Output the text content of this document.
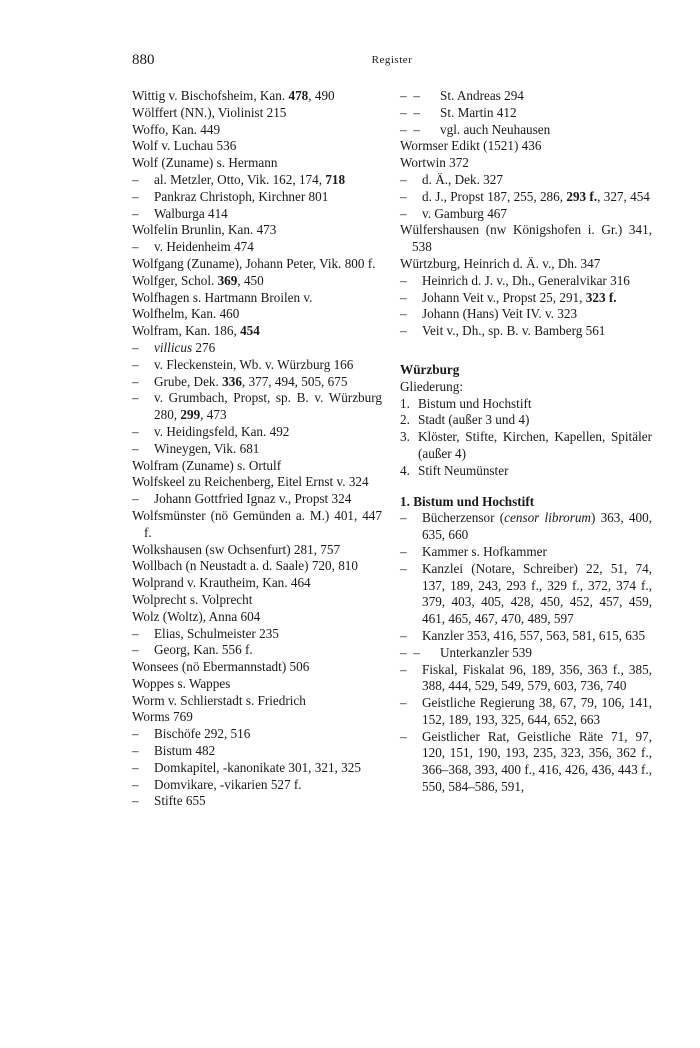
880	Register
Wittig v. Bischofsheim, Kan. 478, 490
Wölffert (NN.), Violinist 215
Woffo, Kan. 449
Wolf v. Luchau 536
Wolf (Zuname) s. Hermann
– al. Metzler, Otto, Vik. 162, 174, 718
– Pankraz Christoph, Kirchner 801
– Walburga 414
Wolfelin Brunlin, Kan. 473
– v. Heidenheim 474
Wolfgang (Zuname), Johann Peter, Vik. 800 f.
Wolfger, Schol. 369, 450
Wolfhagen s. Hartmann Broilen v.
Wolfhelm, Kan. 460
Wolfram, Kan. 186, 454
– villicus 276
– v. Fleckenstein, Wb. v. Würzburg 166
– Grube, Dek. 336, 377, 494, 505, 675
– v. Grumbach, Propst, sp. B. v. Würzburg 280, 299, 473
– v. Heidingsfeld, Kan. 492
– Wineygen, Vik. 681
Wolfram (Zuname) s. Ortulf
Wolfskeel zu Reichenberg, Eitel Ernst v. 324
– Johann Gottfried Ignaz v., Propst 324
Wolfsmünster (nö Gemünden a. M.) 401, 447 f.
Wolkshausen (sw Ochsenfurt) 281, 757
Wollbach (n Neustadt a. d. Saale) 720, 810
Wolprand v. Krautheim, Kan. 464
Wolprecht s. Volprecht
Wolz (Woltz), Anna 604
– Elias, Schulmeister 235
– Georg, Kan. 556 f.
Wonsees (nö Ebermannstadt) 506
Woppes s. Wappes
Worm v. Schlierstadt s. Friedrich
Worms 769
– Bischöfe 292, 516
– Bistum 482
– Domkapitel, -kanonikate 301, 321, 325
– Domvikare, -vikarien 527 f.
– Stifte 655
–  – St. Andreas 294
–  – St. Martin 412
–  – vgl. auch Neuhausen
Wormser Edikt (1521) 436
Wortwin 372
– d. Ä., Dek. 327
– d. J., Propst 187, 255, 286, 293 f., 327, 454
– v. Gamburg 467
Wülfershausen (nw Königshofen i. Gr.) 341, 538
Würtzburg, Heinrich d. Ä. v., Dh. 347
– Heinrich d. J. v., Dh., Generalvikar 316
– Johann Veit v., Propst 25, 291, 323 f.
– Johann (Hans) Veit IV. v. 323
– Veit v., Dh., sp. B. v. Bamberg 561
Würzburg
Gliederung:
1. Bistum und Hochstift
2. Stadt (außer 3 und 4)
3. Klöster, Stifte, Kirchen, Kapellen, Spitäler (außer 4)
4. Stift Neumünster
1. Bistum und Hochstift
– Bücherzensor (censor librorum) 363, 400, 635, 660
– Kammer s. Hofkammer
– Kanzlei (Notare, Schreiber) 22, 51, 74, 137, 189, 243, 293 f., 329 f., 372, 374 f., 379, 403, 405, 428, 450, 452, 457, 459, 461, 465, 467, 470, 489, 597
– Kanzler 353, 416, 557, 563, 581, 615, 635
–  – Unterkanzler 539
– Fiskal, Fiskalat 96, 189, 356, 363 f., 385, 388, 444, 529, 549, 579, 603, 736, 740
– Geistliche Regierung 38, 67, 79, 106, 141, 152, 189, 193, 325, 644, 652, 663
– Geistlicher Rat, Geistliche Räte 71, 97, 120, 151, 190, 193, 235, 323, 356, 362 f., 366–368, 393, 400 f., 416, 426, 436, 443 f., 550, 584–586, 591,
